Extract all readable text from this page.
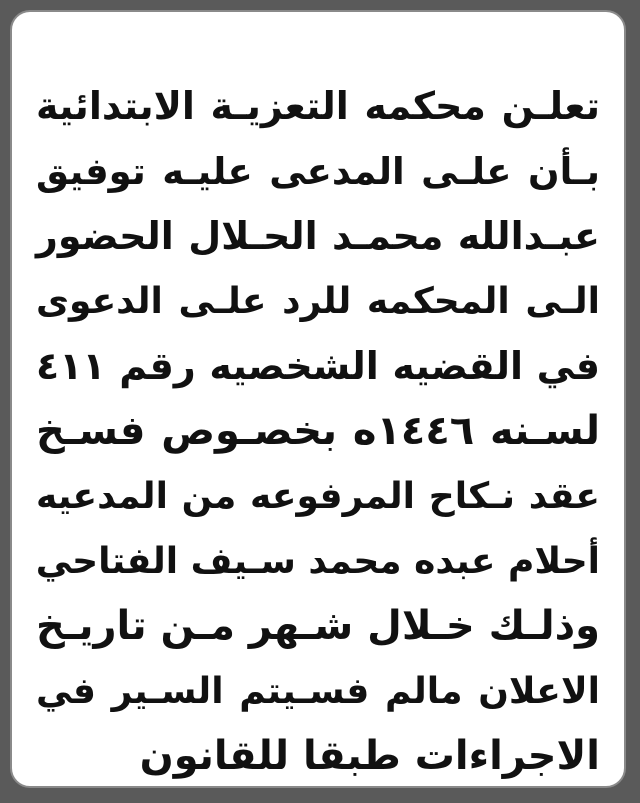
تعلـن محكمه التعزيـة الابتدائية
بـأن علـى المدعى عليـه توفيق
عبـدالله محمـد الحـلال الحضور
الـى المحكمه للرد علـى الدعوى
في القضيه الشخصيه رقم ٤١١
لسـنه ١٤٤٦ه بخصـوص فسـخ
عقد نـكاح المرفوعه من المدعيه
أحلام عبده محمد سـيف الفتاحي
وذلـك خـلال شـهر مـن تاريـخ
الاعلان مالم فسـيتم السـير في
الاجراءات طبقا للقانون
